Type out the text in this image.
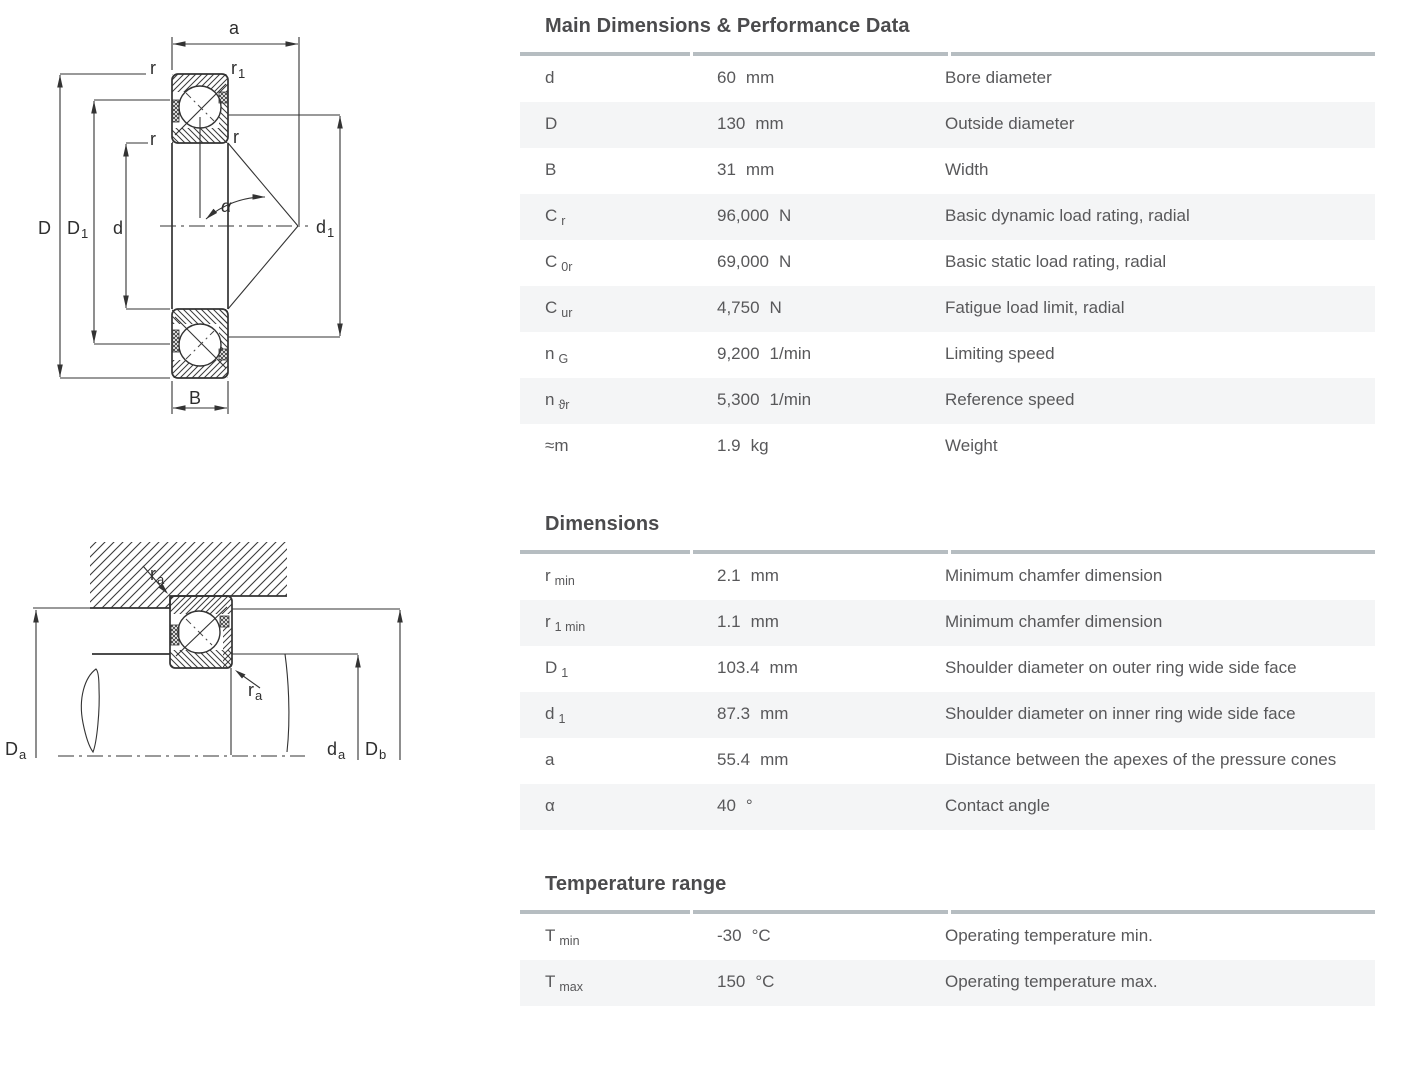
a
r	$r_1$
r	r
α
D $D_1$ d	$d_1$
B
$r_a$
$r_a$
$D_a$	$d_a$ $D_b$
Main Dimensions & Performance Data
d	60 mm	Bore diameter
D	130 mm	Outside diameter
B	31 mm	Width
C $_r$	96,000 N	Basic dynamic load rating, radial
C $_{0r}$	69,000 N	Basic static load rating, radial
C $_{ur}$	4,750 N	Fatigue load limit, radial
n $_G$	9,200 1/min	Limiting speed
n $_{ϑr}$	5,300 1/min	Reference speed
≈m	1.9 kg	Weight
Dimensions
r $_{min}$	2.1 mm	Minimum chamfer dimension
r $_{1 min}$	1.1 mm	Minimum chamfer dimension
D $_1$	103.4 mm	Shoulder diameter on outer ring wide side face
d $_1$	87.3 mm	Shoulder diameter on inner ring wide side face
a	55.4 mm	Distance between the apexes of the pressure cones
α	40 °	Contact angle
Temperature range
T $_{min}$	-30 °C	Operating temperature min.
T $_{max}$	150 °C	Operating temperature max.
